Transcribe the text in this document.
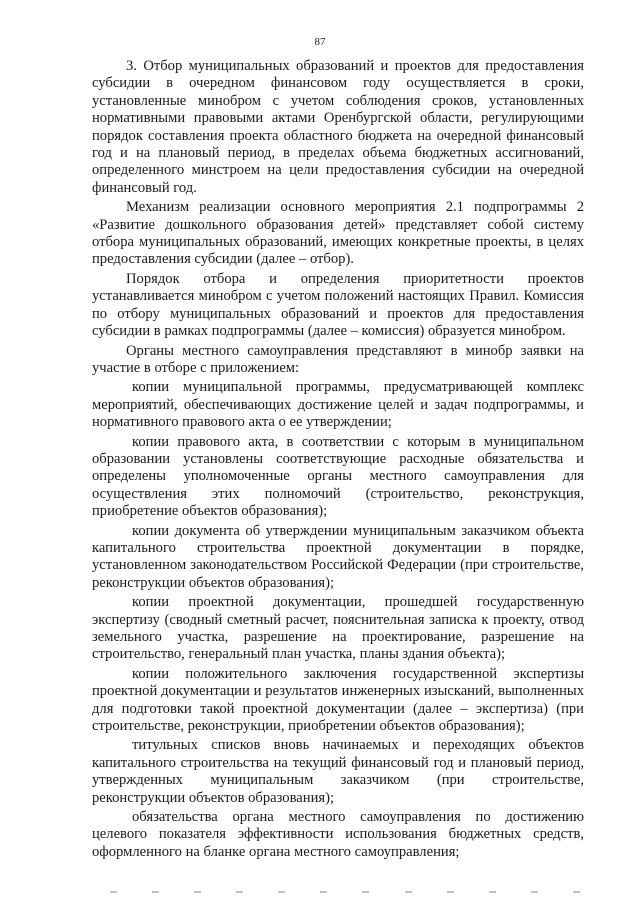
87

3. Отбор муниципальных образований и проектов для предоставления субсидии в очередном финансовом году осуществляется в сроки, установленные минобром с учетом соблюдения сроков, установленных нормативными правовыми актами Оренбургской области, регулирующими порядок составления проекта областного бюджета на очередной финансовый год и на плановый период, в пределах объема бюджетных ассигнований, определенного минстроем на цели предоставления субсидии на очередной финансовый год.

Механизм реализации основного мероприятия 2.1 подпрограммы 2 «Развитие дошкольного образования детей» представляет собой систему отбора муниципальных образований, имеющих конкретные проекты, в целях предоставления субсидии (далее – отбор).

Порядок отбора и определения приоритетности проектов устанавливается минобром с учетом положений настоящих Правил. Комиссия по отбору муниципальных образований и проектов для предоставления субсидии в рамках подпрограммы (далее – комиссия) образуется минобром.

Органы местного самоуправления представляют в минобр заявки на участие в отборе с приложением:

копии муниципальной программы, предусматривающей комплекс мероприятий, обеспечивающих достижение целей и задач подпрограммы, и нормативного правового акта о ее утверждении;

копии правового акта, в соответствии с которым в муниципальном образовании установлены соответствующие расходные обязательства и определены уполномоченные органы местного самоуправления для осуществления этих полномочий (строительство, реконструкция, приобретение объектов образования);

копии документа об утверждении муниципальным заказчиком объекта капитального строительства проектной документации в порядке, установленном законодательством Российской Федерации (при строительстве, реконструкции объектов образования);

копии проектной документации, прошедшей государственную экспертизу (сводный сметный расчет, пояснительная записка к проекту, отвод земельного участка, разрешение на проектирование, разрешение на строительство, генеральный план участка, планы здания объекта);

копии положительного заключения государственной экспертизы проектной документации и результатов инженерных изысканий, выполненных для подготовки такой проектной документации (далее – экспертиза) (при строительстве, реконструкции, приобретении объектов образования);

титульных списков вновь начинаемых и переходящих объектов капитального строительства на текущий финансовый год и плановый период, утвержденных муниципальным заказчиком (при строительстве, реконструкции объектов образования);

обязательства органа местного самоуправления по достижению целевого показателя эффективности использования бюджетных средств, оформленного на бланке органа местного самоуправления;
